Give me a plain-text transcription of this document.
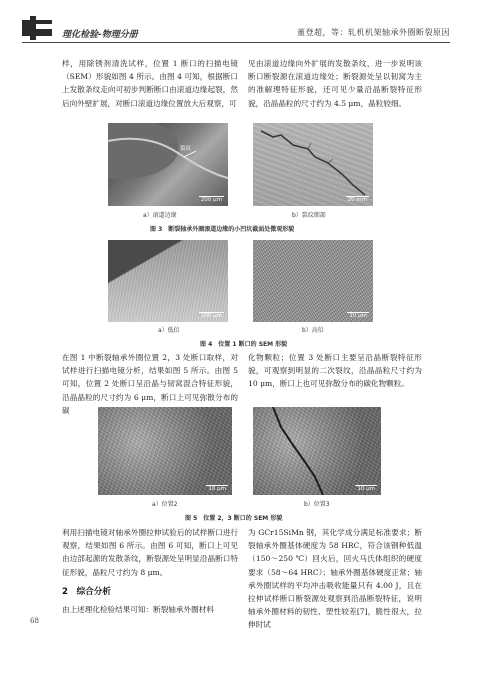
理化检验-物理分册	董登超，等：轧机机架轴承外圈断裂原因
样，用除锈剂清洗试样，位置 1 断口的扫描电镜（SEM）形貌如图 4 所示。由图 4 可知，根据断口上发散条纹走向可初步判断断口由滚道边缘起裂，然后向外壁扩展，对断口滚道边缘位置放大后观察，可
见由滚道边缘向外扩展的发散条纹，进一步说明该断口断裂源在滚道边缘处；断裂源处呈以韧窝为主的准解理特征形貌，还可见少量沿晶断裂特征形貌，沿晶晶粒的尺寸约为 4.5 μm，晶粒较细。
裂纹
200 μm	20 mm
a）滚道边缘	b）裂纹细部
图 3　断裂轴承外圈滚道边缘的小凹坑截面处微观形貌
200 μm	10 μm
a）低倍	b）高倍
图 4　位置 1 断口的 SEM 形貌
在图 1 中断裂轴承外圈位置 2，3 处断口取样，对试样进行扫描电镜分析，结果如图 5 所示。由图 5 可知，位置 2 处断口呈沿晶与韧窝混合特征形貌，沿晶晶粒的尺寸约为 6 μm，断口上可见弥散分布的碳
化物颗粒；位置 3 处断口主要呈沿晶断裂特征形貌，可观察到明显的二次裂纹，沿晶晶粒尺寸约为 10 μm，断口上也可见弥散分布的碳化物颗粒。
10 μm	10 μm
a）位置2	b）位置3
图 5　位置 2，3 断口的 SEM 形貌
利用扫描电镜对轴承外圈拉伸试验后的试样断口进行观察，结果如图 6 所示。由图 6 可知，断口上可见由边部起源的发散条纹，断裂源处呈明显沿晶断口特征形貌，晶粒尺寸约为 8 μm。
为 GCr15SiMn 钢，其化学成分满足标准要求；断裂轴承外圈基体硬度为 58 HRC，符合该钢种低温（150～250 ℃）回火后，回火马氏体组织的硬度要求（58～64 HRC）；轴承外圈基体硬度正常；轴承外圈试样的平均冲击吸收能量只有 4.00 J，且在拉伸试样断口断裂源处观察到沿晶断裂特征，说明轴承外圈材料的韧性、塑性较差[7]，脆性很大，拉伸时试
2　综合分析
由上述理化检验结果可知：断裂轴承外圈材料
68
